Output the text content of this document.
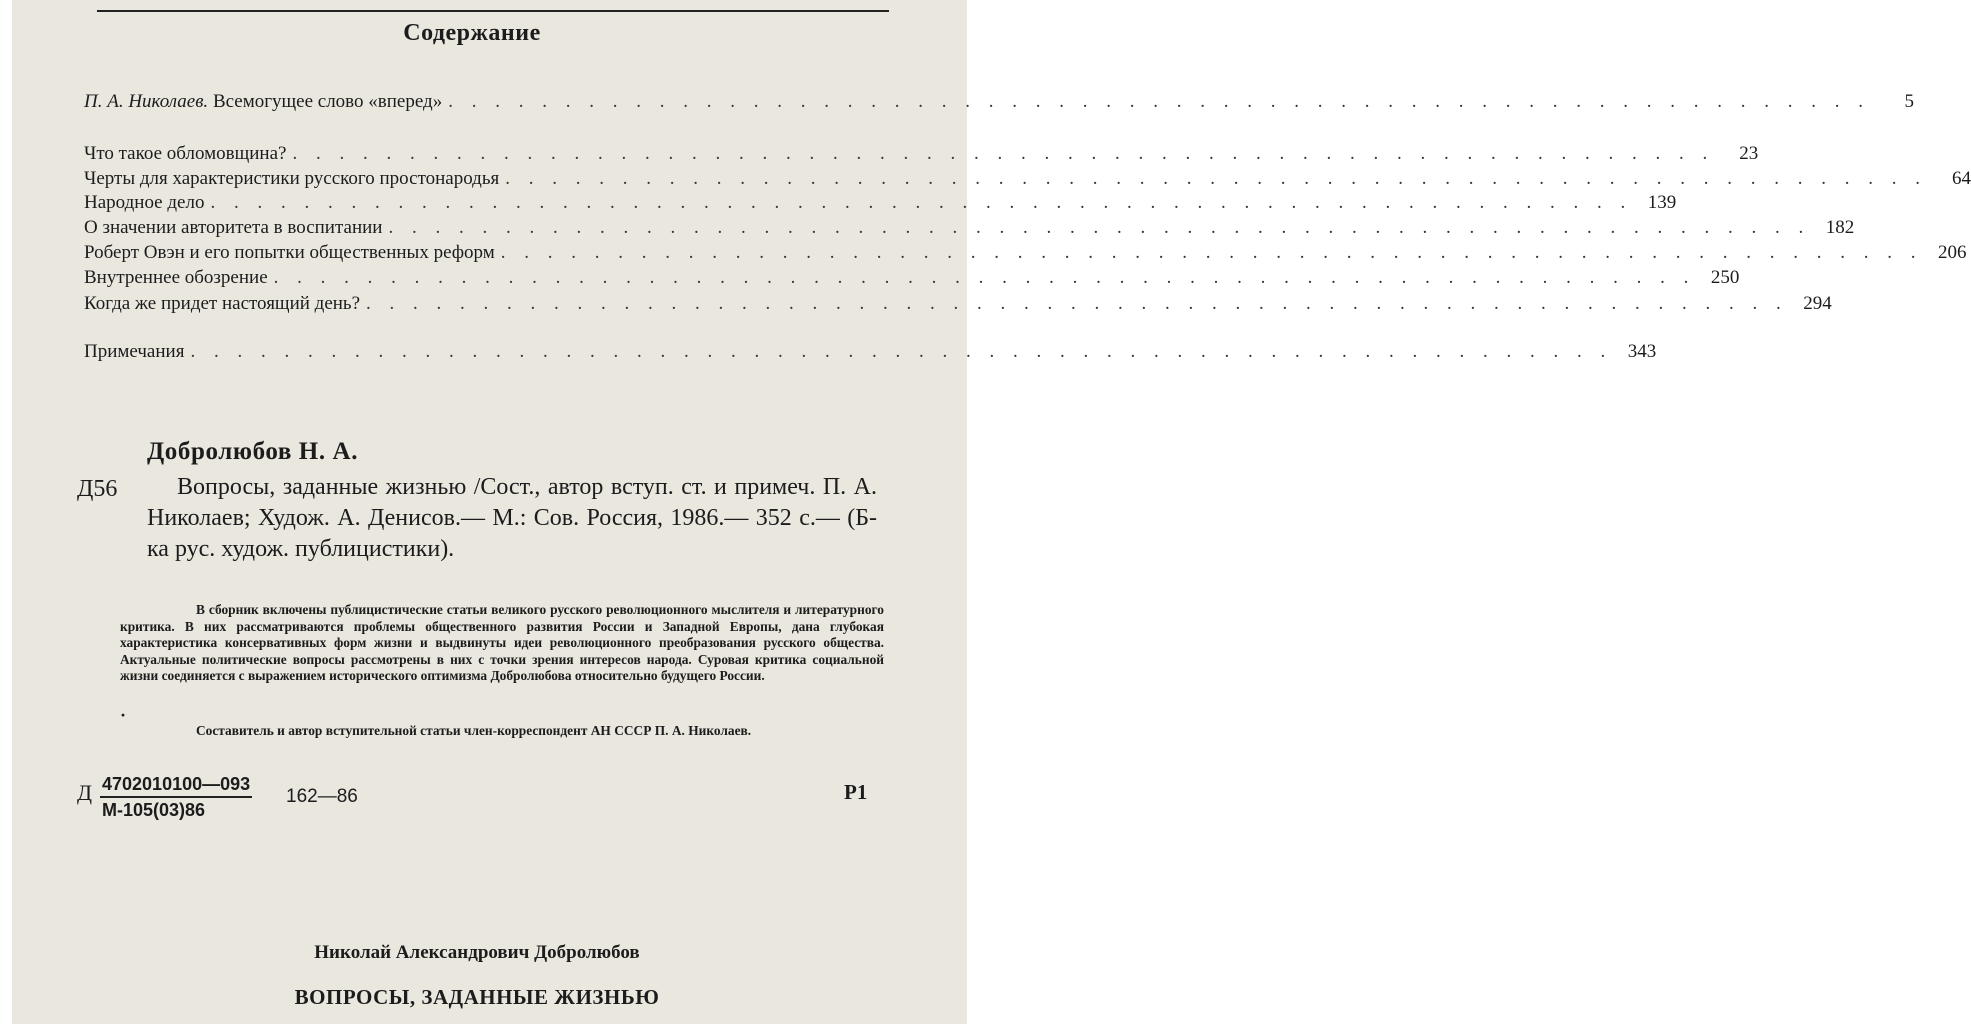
Содержание
П. А. Николаев. Всемогущее слово «вперед» . . . . . . . . . . . . . . . . . . . . . . . . . . . . . . . . . . . . . . . . . . . . . . . . . . . . . . . . . . . . .	5
Что такое обломовщина? . . . . . . . . . . . . . . . . . . . . . . . . . . . . . . . . . . . . . . . . . . . . . . . . . . . . . . . . . . . . .	23
Черты для характеристики русского простонародья . . . . . . . . . . . . . . . . . . . . . . . . . . . . . . . . . . . . . . . . . . . . . . . . . . . . . . . . . . . . .	64
Народное дело . . . . . . . . . . . . . . . . . . . . . . . . . . . . . . . . . . . . . . . . . . . . . . . . . . . . . . . . . . . . . 139
О значении авторитета в воспитании . . . . . . . . . . . . . . . . . . . . . . . . . . . . . . . . . . . . . . . . . . . . . . . . . . . . . . . . . . . . . 182
Роберт Овэн и его попытки общественных реформ . . . . . . . . . . . . . . . . . . . . . . . . . . . . . . . . . . . . . . . . . . . . . . . . . . . . . . . . . . . . . 206
Внутреннее обозрение . . . . . . . . . . . . . . . . . . . . . . . . . . . . . . . . . . . . . . . . . . . . . . . . . . . . . . . . . . . . . 250
Когда же придет настоящий день? . . . . . . . . . . . . . . . . . . . . . . . . . . . . . . . . . . . . . . . . . . . . . . . . . . . . . . . . . . . . . 294
Примечания . . . . . . . . . . . . . . . . . . . . . . . . . . . . . . . . . . . . . . . . . . . . . . . . . . . . . . . . . . . . . 343
Добролюбов Н. А.
Д56	Вопросы, заданные жизнью /Сост., автор вступ. ст. и примеч. П. А. Николаев; Худож. А. Денисов.— М.: Сов. Россия, 1986.— 352 с.— (Б-ка рус. худож. публицистики).
В сборник включены публицистические статьи великого русского революционного мыслителя и литературного критика. В них рассматриваются проблемы общественного развития России и Западной Европы, дана глубокая характеристика консервативных форм жизни и выдвинуты идеи революционного преобразования русского общества. Актуальные политические вопросы рассмотрены в них с точки зрения интересов народа. Суровая критика социальной жизни соединяется с выражением исторического оптимизма Добролюбова относительно будущего России.
·
Составитель и автор вступительной статьи член-корреспондент АН СССР П. А. Николаев.
Д 4702010100—093
М-105(03)86
162—86	Р1
Николай Александрович Добролюбов
ВОПРОСЫ, ЗАДАННЫЕ ЖИЗНЬЮ
